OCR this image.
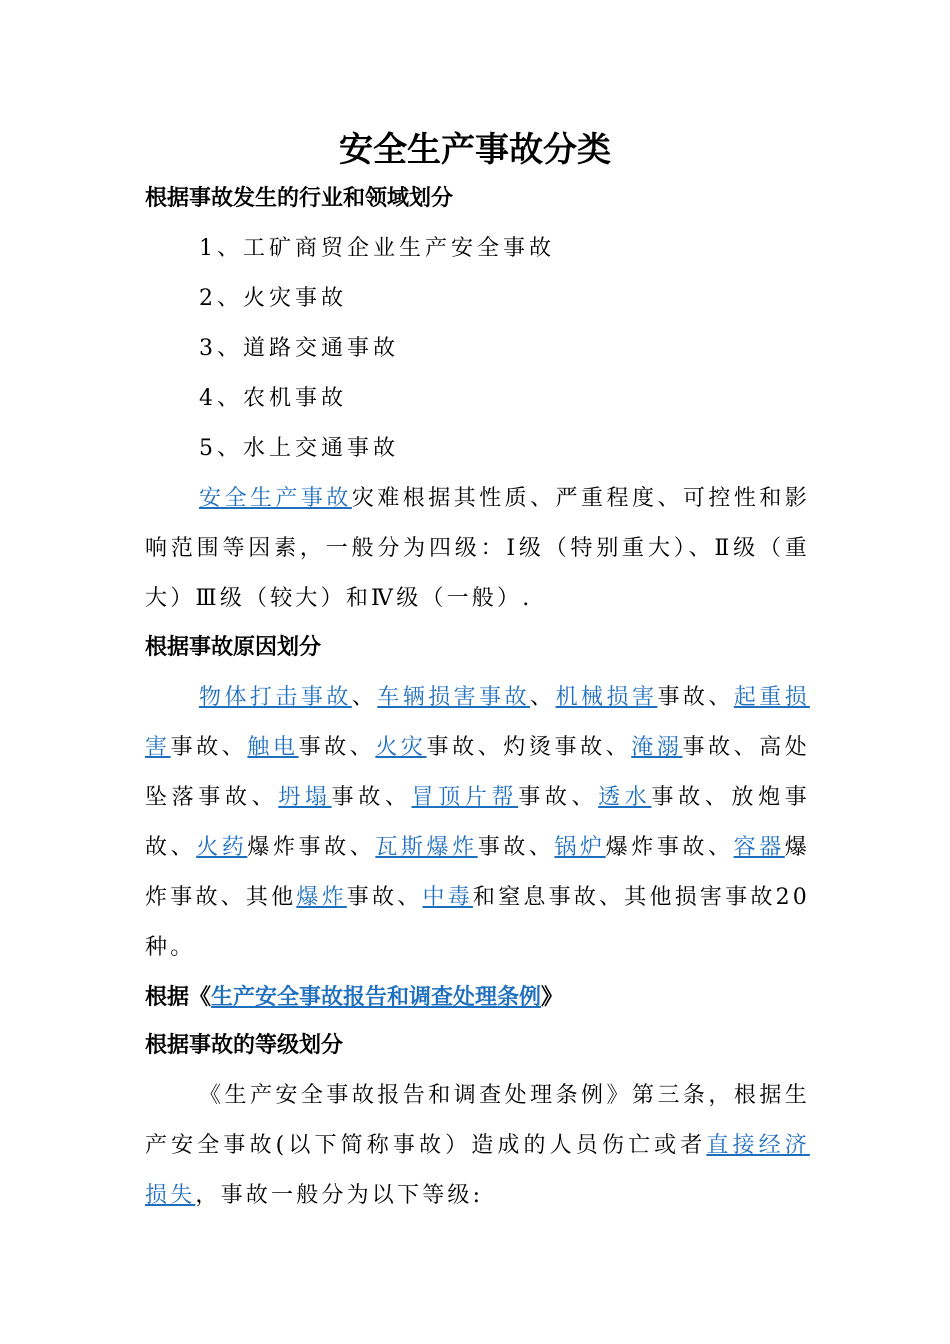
安全生产事故分类
根据事故发生的行业和领域划分

1、工矿商贸企业生产安全事故

2、火灾事故

3、道路交通事故

4、农机事故

5、水上交通事故

安全生产事故灾难根据其性质、严重程度、可控性和影响范围等因素，一般分为四级：Ⅰ级（特别重大）、Ⅱ级（重大）Ⅲ级（较大）和Ⅳ级（一般）.

根据事故原因划分

物体打击事故、车辆损害事故、机械损害事故、起重损害事故、触电事故、火灾事故、灼烫事故、淹溺事故、高处坠落事故、坍塌事故、冒顶片帮事故、透水事故、放炮事故、火药爆炸事故、瓦斯爆炸事故、锅炉爆炸事故、容器爆炸事故、其他爆炸事故、中毒和窒息事故、其他损害事故20种。

根据《生产安全事故报告和调查处理条例》
根据事故的等级划分

《生产安全事故报告和调查处理条例》第三条，根据生产安全事故(以下简称事故）造成的人员伤亡或者直接经济损失，事故一般分为以下等级:
